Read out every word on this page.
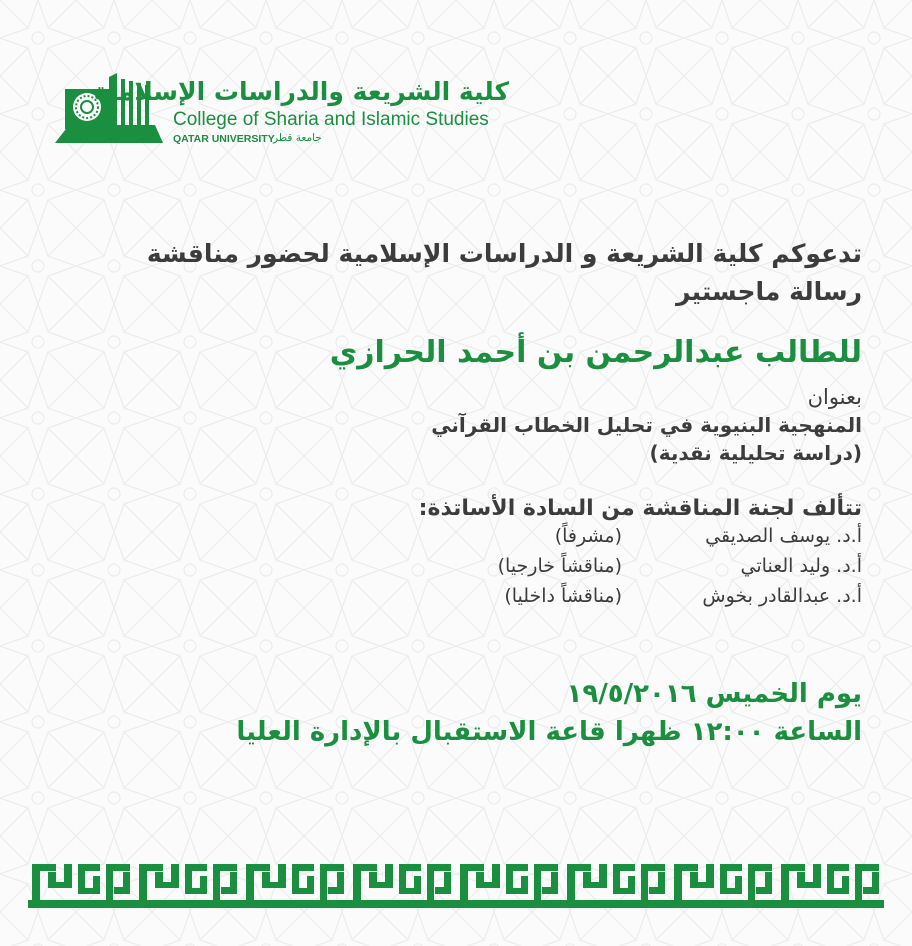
كلية الشريعة والدراسات الإسلامية
College of Sharia and Islamic Studies
QATAR UNIVERSITY
جامعة قطر
تدعوكم كلية الشريعة و الدراسات الإسلامية لحضور مناقشة
رسالة ماجستير
للطالب عبدالرحمن بن أحمد الحرازي
بعنوان
المنهجية البنيوية في تحليل الخطاب القرآني
(دراسة تحليلية نقدية)
تتألف لجنة المناقشة من السادة الأساتذة:
أ.د. يوسف الصديقي
(مشرفاً)
أ.د. وليد العناتي
(مناقشاً خارجيا)
أ.د. عبدالقادر بخوش
(مناقشاً داخليا)
يوم الخميس ١٩/٥/٢٠١٦
الساعة ١٢:٠٠ ظهرا قاعة الاستقبال بالإدارة العليا
